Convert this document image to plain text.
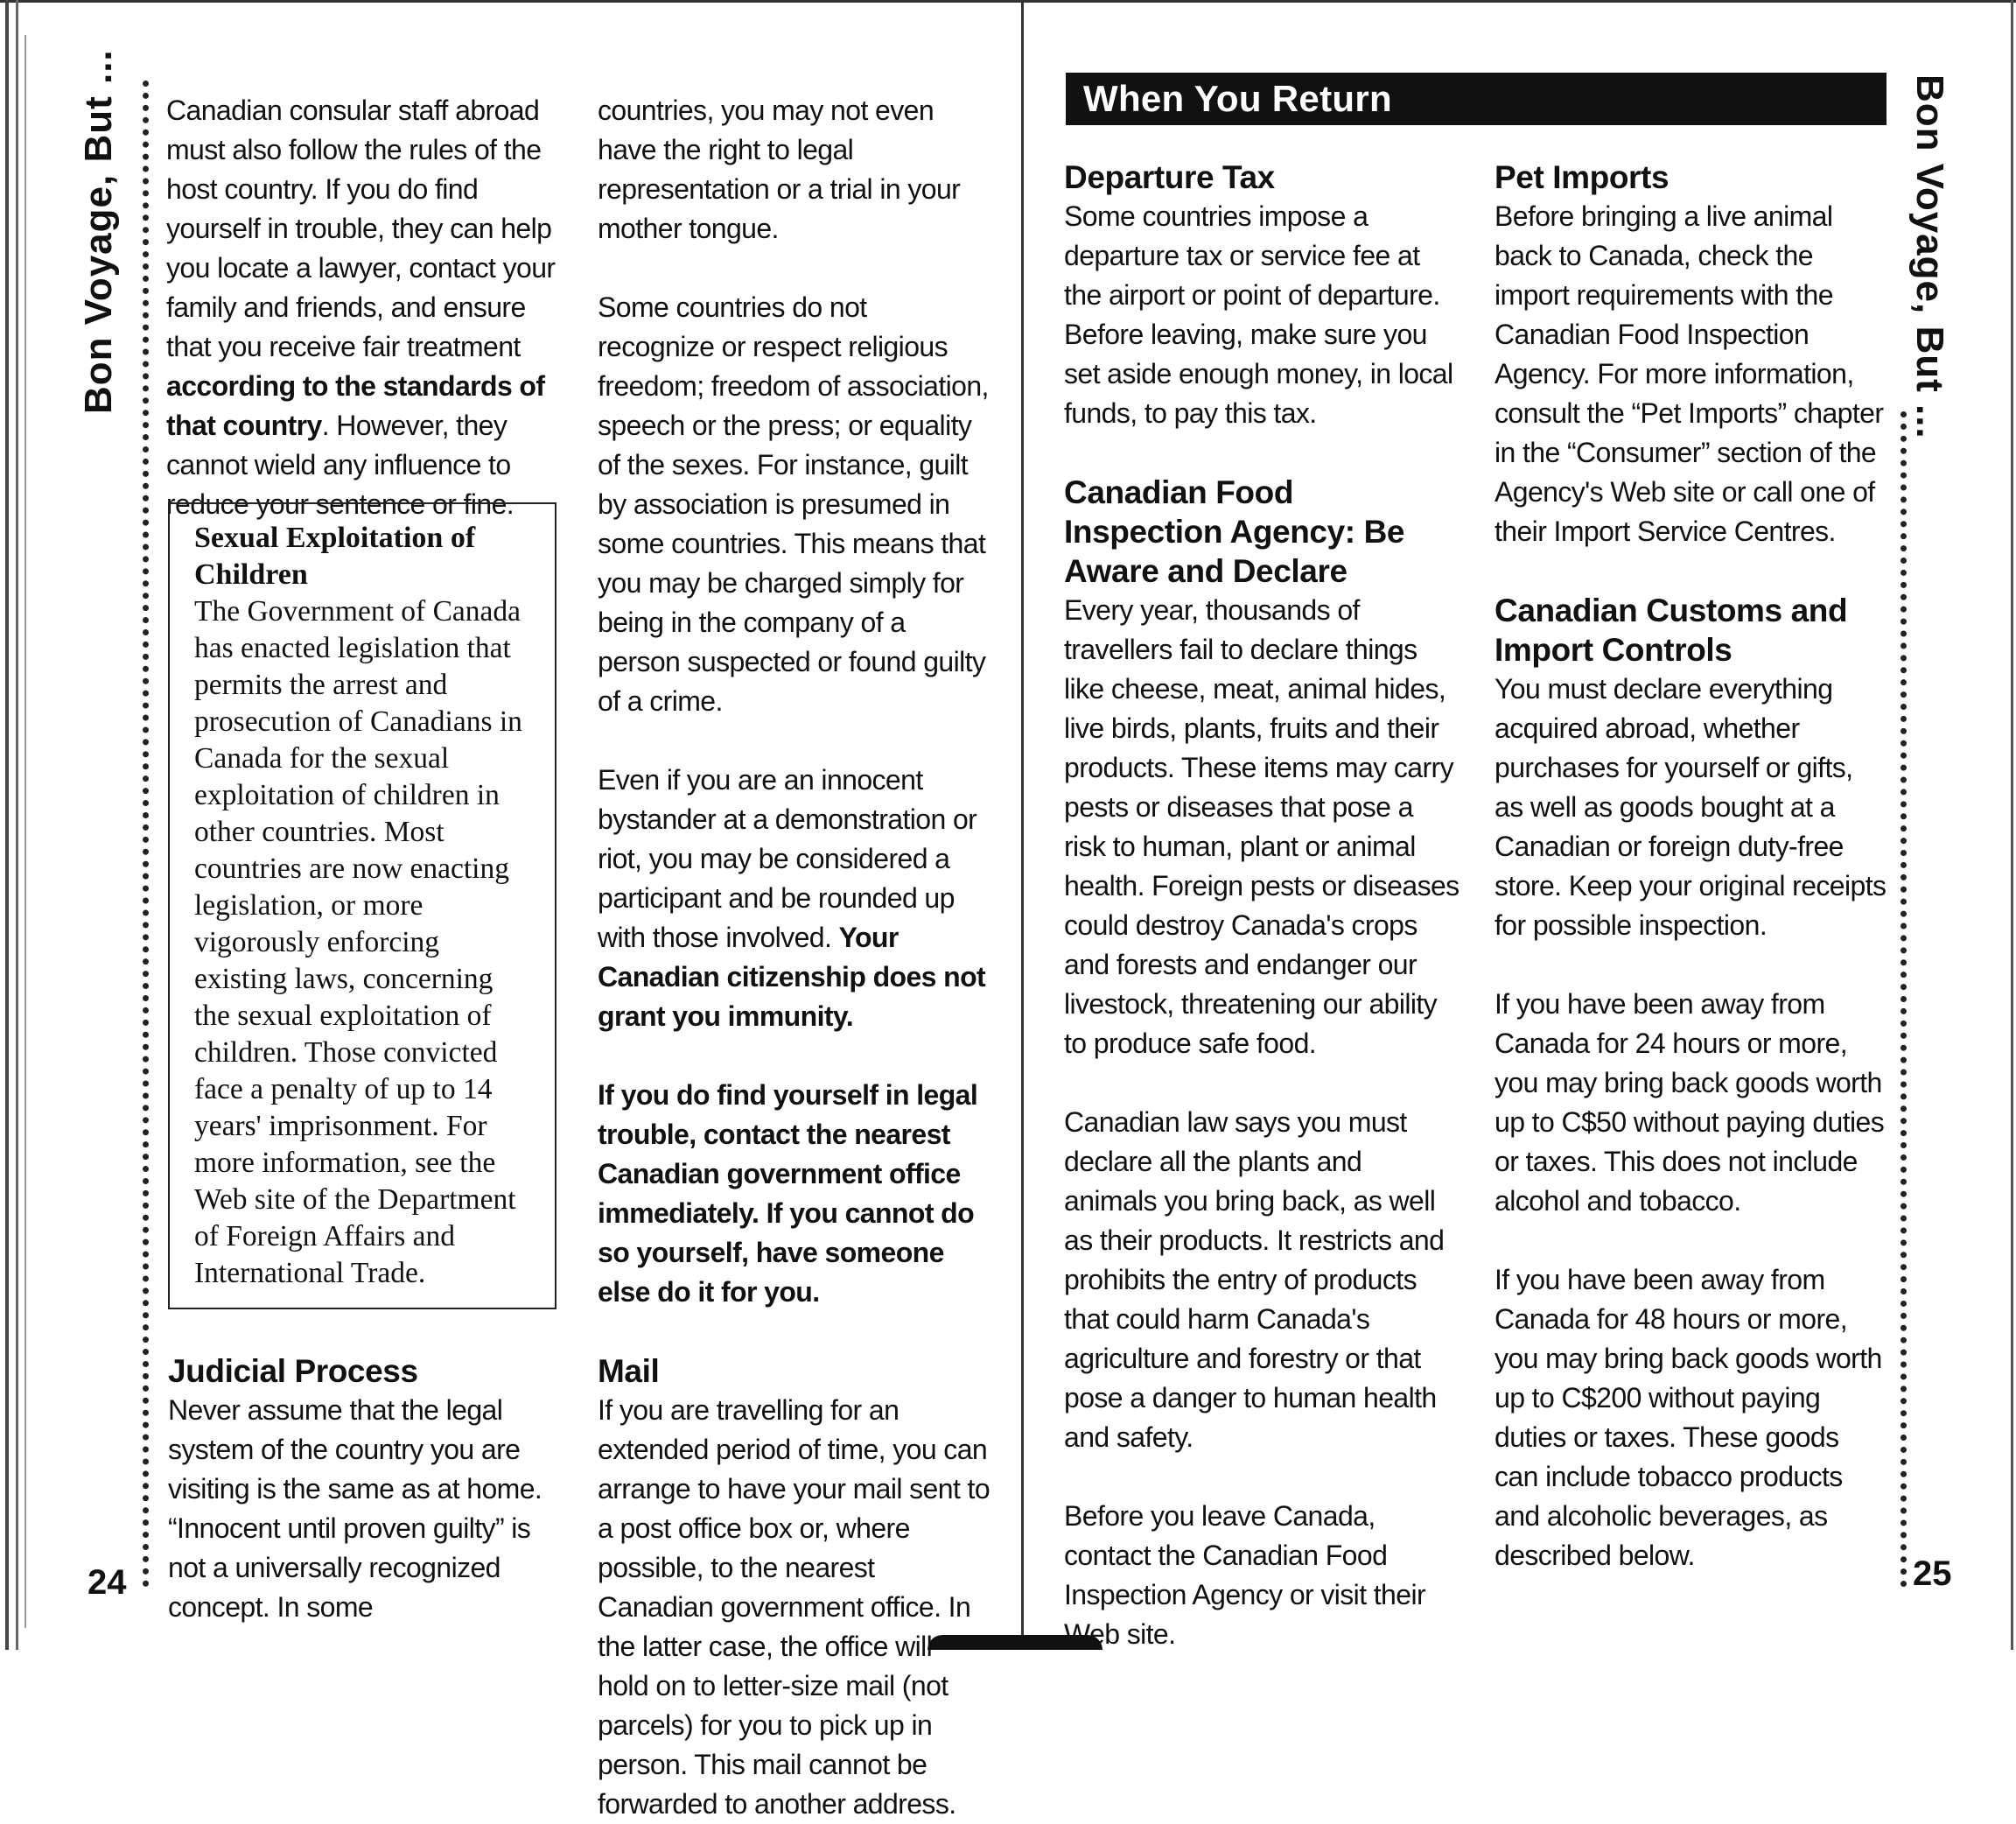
Bon Voyage, But ...
24

Canadian consular staff abroad must also follow the rules of the host country. If you do find yourself in trouble, they can help you locate a lawyer, contact your family and friends, and ensure that you receive fair treatment according to the standards of that country. However, they cannot wield any influence to reduce your sentence or fine.

Sexual Exploitation of Children
The Government of Canada has enacted legislation that permits the arrest and prosecution of Canadians in Canada for the sexual exploitation of children in other countries. Most countries are now enacting legislation, or more vigorously enforcing existing laws, concerning the sexual exploitation of children. Those convicted face a penalty of up to 14 years' imprisonment. For more information, see the Web site of the Department of Foreign Affairs and International Trade.
Judicial Process

Never assume that the legal system of the country you are visiting is the same as at home. “Innocent until proven guilty” is not a universally recognized concept. In some

countries, you may not even have the right to legal representation or a trial in your mother tongue.

Some countries do not recognize or respect religious freedom; freedom of association, speech or the press; or equality of the sexes. For instance, guilt by association is presumed in some countries. This means that you may be charged simply for being in the company of a person suspected or found guilty of a crime.

Even if you are an innocent bystander at a demonstration or riot, you may be considered a participant and be rounded up with those involved. Your Canadian citizenship does not grant you immunity.

If you do find yourself in legal trouble, contact the nearest Canadian government office immediately. If you cannot do so yourself, have someone else do it for you.

Mail

If you are travelling for an extended period of time, you can arrange to have your mail sent to a post office box or, where possible, to the nearest Canadian government office. In the latter case, the office will hold on to letter-size mail (not parcels) for you to pick up in person. This mail cannot be forwarded to another address.

When You Return	Bon Voyage, But ...
25
Departure Tax

Some countries impose a departure tax or service fee at the airport or point of departure. Before leaving, make sure you set aside enough money, in local funds, to pay this tax.

Canadian Food Inspection Agency: Be Aware and Declare

Every year, thousands of travellers fail to declare things like cheese, meat, animal hides, live birds, plants, fruits and their products. These items may carry pests or diseases that pose a risk to human, plant or animal health. Foreign pests or diseases could destroy Canada's crops and forests and endanger our livestock, threatening our ability to produce safe food.

Canadian law says you must declare all the plants and animals you bring back, as well as their products. It restricts and prohibits the entry of products that could harm Canada's agriculture and forestry or that pose a danger to human health and safety.

Before you leave Canada, contact the Canadian Food Inspection Agency or visit their Web site.

Pet Imports

Before bringing a live animal back to Canada, check the import requirements with the Canadian Food Inspection Agency. For more information, consult the “Pet Imports” chapter in the “Consumer” section of the Agency's Web site or call one of their Import Service Centres.

Canadian Customs and Import Controls

You must declare everything acquired abroad, whether purchases for yourself or gifts, as well as goods bought at a Canadian or foreign duty-free store. Keep your original receipts for possible inspection.

If you have been away from Canada for 24 hours or more, you may bring back goods worth up to C$50 without paying duties or taxes. This does not include alcohol and tobacco.

If you have been away from Canada for 48 hours or more, you may bring back goods worth up to C$200 without paying duties or taxes. These goods can include tobacco products and alcoholic beverages, as described below.
